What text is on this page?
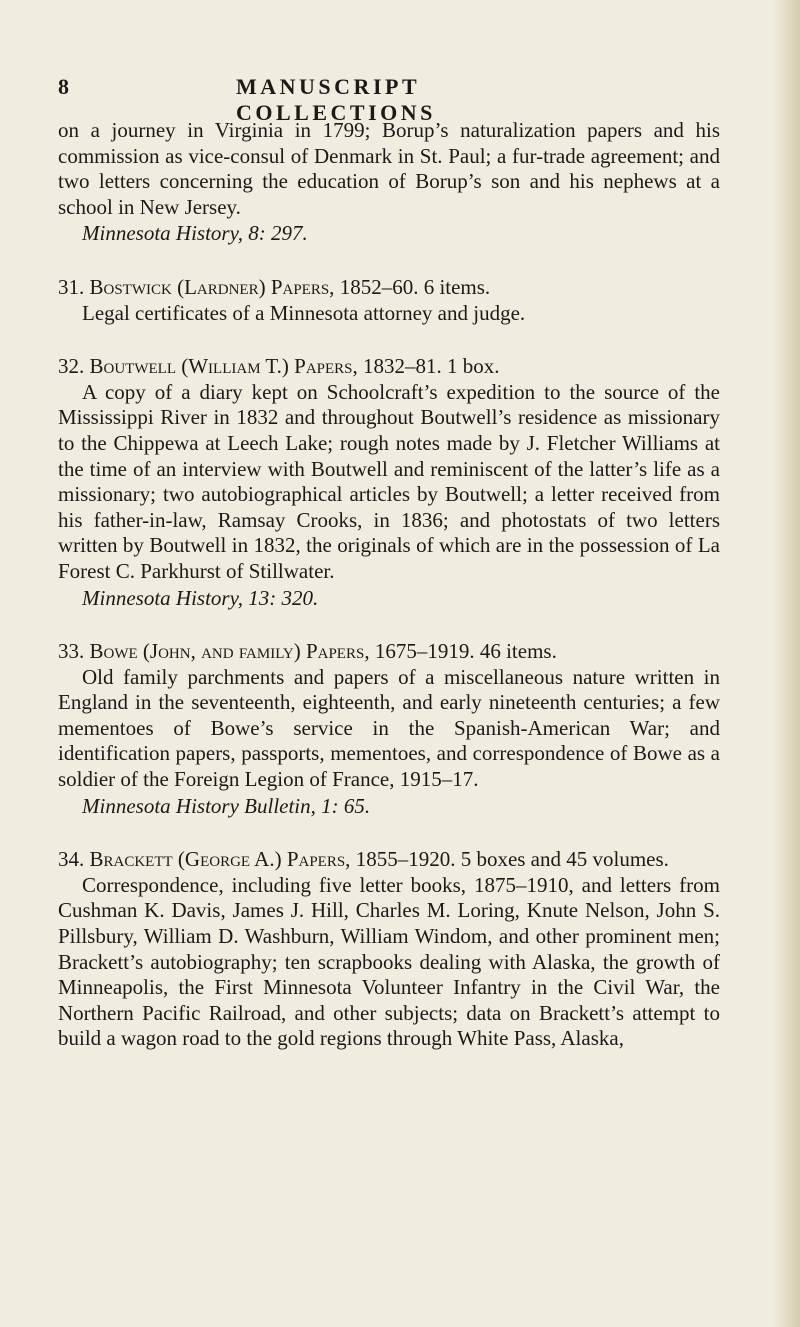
8	MANUSCRIPT COLLECTIONS

on a journey in Virginia in 1799; Borup’s naturalization papers and his commission as vice-consul of Denmark in St. Paul; a fur-trade agreement; and two letters concerning the education of Borup’s son and his nephews at a school in New Jersey.

Minnesota History, 8: 297.

31. Bostwick (Lardner) Papers, 1852–60. 6 items.

Legal certificates of a Minnesota attorney and judge.

32. Boutwell (William T.) Papers, 1832–81. 1 box.

A copy of a diary kept on Schoolcraft’s expedition to the source of the Mississippi River in 1832 and throughout Boutwell’s residence as missionary to the Chippewa at Leech Lake; rough notes made by J. Fletcher Williams at the time of an interview with Boutwell and reminiscent of the latter’s life as a missionary; two autobiographical articles by Boutwell; a letter received from his father-in-law, Ramsay Crooks, in 1836; and photostats of two letters written by Boutwell in 1832, the originals of which are in the possession of La Forest C. Parkhurst of Stillwater.

Minnesota History, 13: 320.

33. Bowe (John, and family) Papers, 1675–1919. 46 items.

Old family parchments and papers of a miscellaneous nature written in England in the seventeenth, eighteenth, and early nineteenth centuries; a few mementoes of Bowe’s service in the Spanish-American War; and identification papers, passports, mementoes, and correspondence of Bowe as a soldier of the Foreign Legion of France, 1915–17.

Minnesota History Bulletin, 1: 65.

34. Brackett (George A.) Papers, 1855–1920. 5 boxes and 45 volumes.

Correspondence, including five letter books, 1875–1910, and letters from Cushman K. Davis, James J. Hill, Charles M. Loring, Knute Nelson, John S. Pillsbury, William D. Washburn, William Windom, and other prominent men; Brackett’s autobiography; ten scrapbooks dealing with Alaska, the growth of Minneapolis, the First Minnesota Volunteer Infantry in the Civil War, the Northern Pacific Railroad, and other subjects; data on Brackett’s attempt to build a wagon road to the gold regions through White Pass, Alaska,
